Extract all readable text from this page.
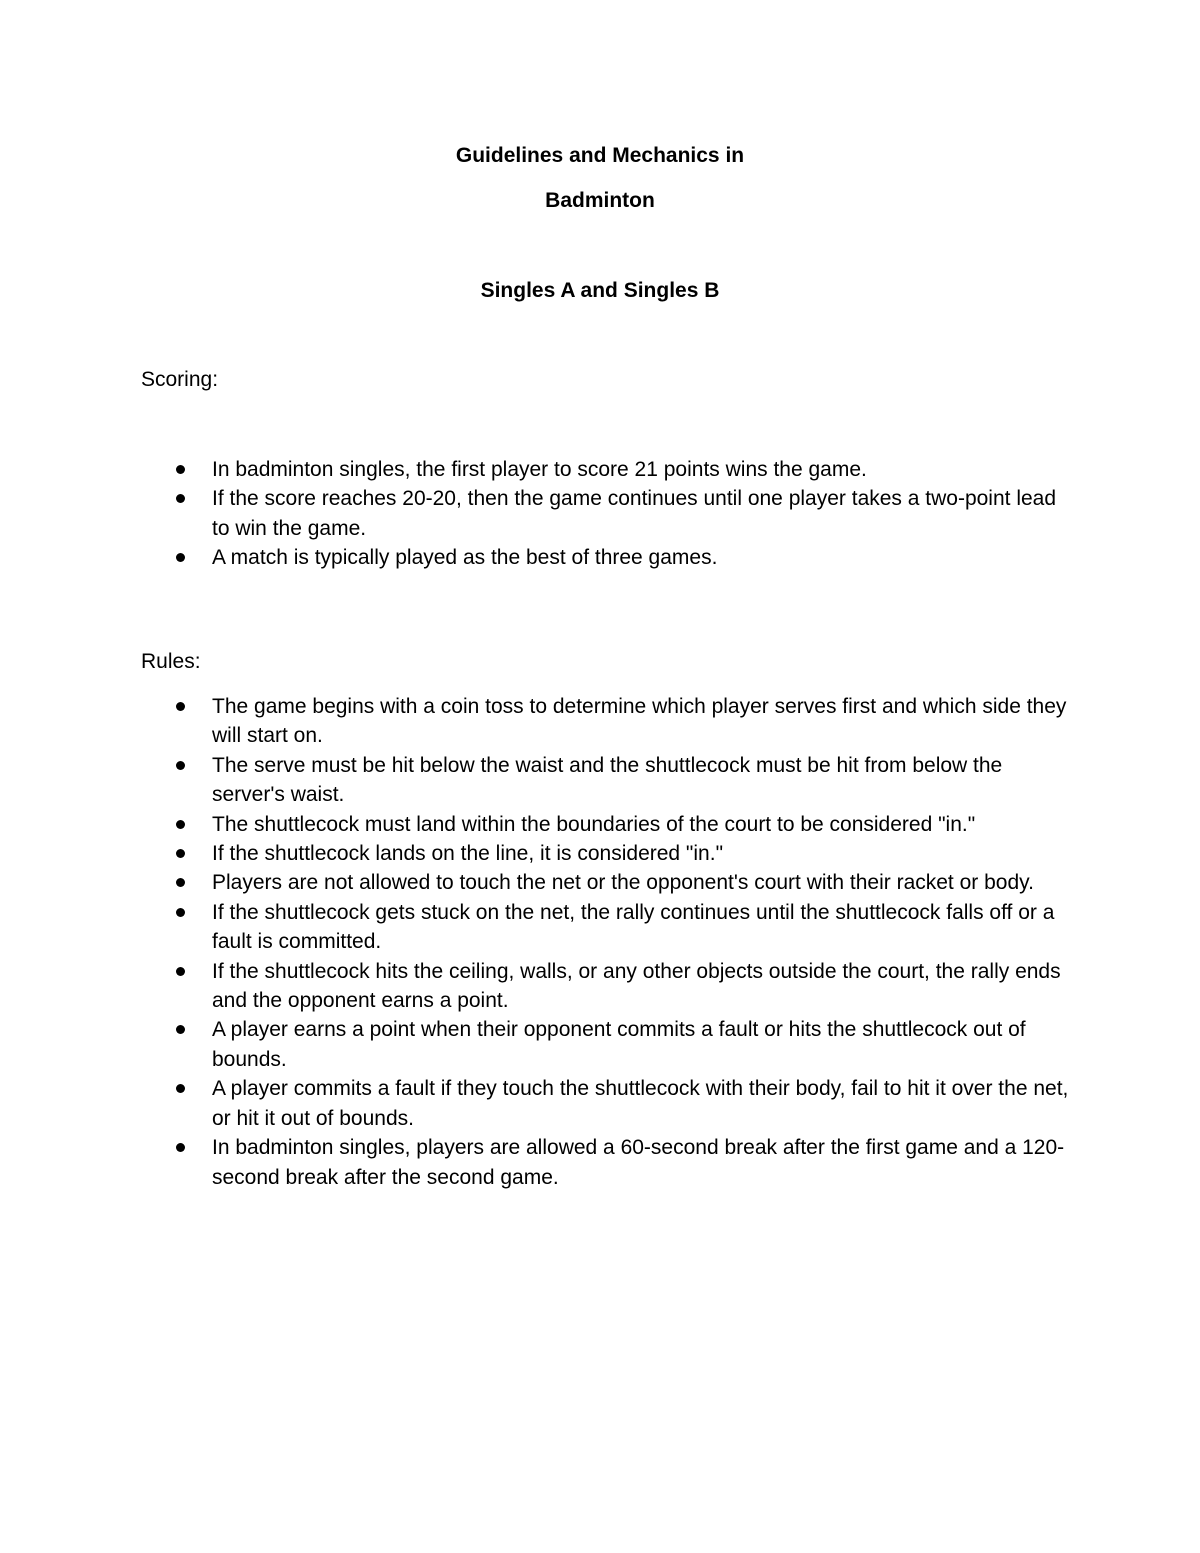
Guidelines and Mechanics in
Badminton
Singles A and Singles B
Scoring:
In badminton singles, the first player to score 21 points wins the game.
If the score reaches 20-20, then the game continues until one player takes a two-point lead to win the game.
A match is typically played as the best of three games.
Rules:
The game begins with a coin toss to determine which player serves first and which side they will start on.
The serve must be hit below the waist and the shuttlecock must be hit from below the server's waist.
The shuttlecock must land within the boundaries of the court to be considered "in."
If the shuttlecock lands on the line, it is considered "in."
Players are not allowed to touch the net or the opponent's court with their racket or body.
If the shuttlecock gets stuck on the net, the rally continues until the shuttlecock falls off or a fault is committed.
If the shuttlecock hits the ceiling, walls, or any other objects outside the court, the rally ends and the opponent earns a point.
A player earns a point when their opponent commits a fault or hits the shuttlecock out of bounds.
A player commits a fault if they touch the shuttlecock with their body, fail to hit it over the net, or hit it out of bounds.
In badminton singles, players are allowed a 60-second break after the first game and a 120-second break after the second game.
